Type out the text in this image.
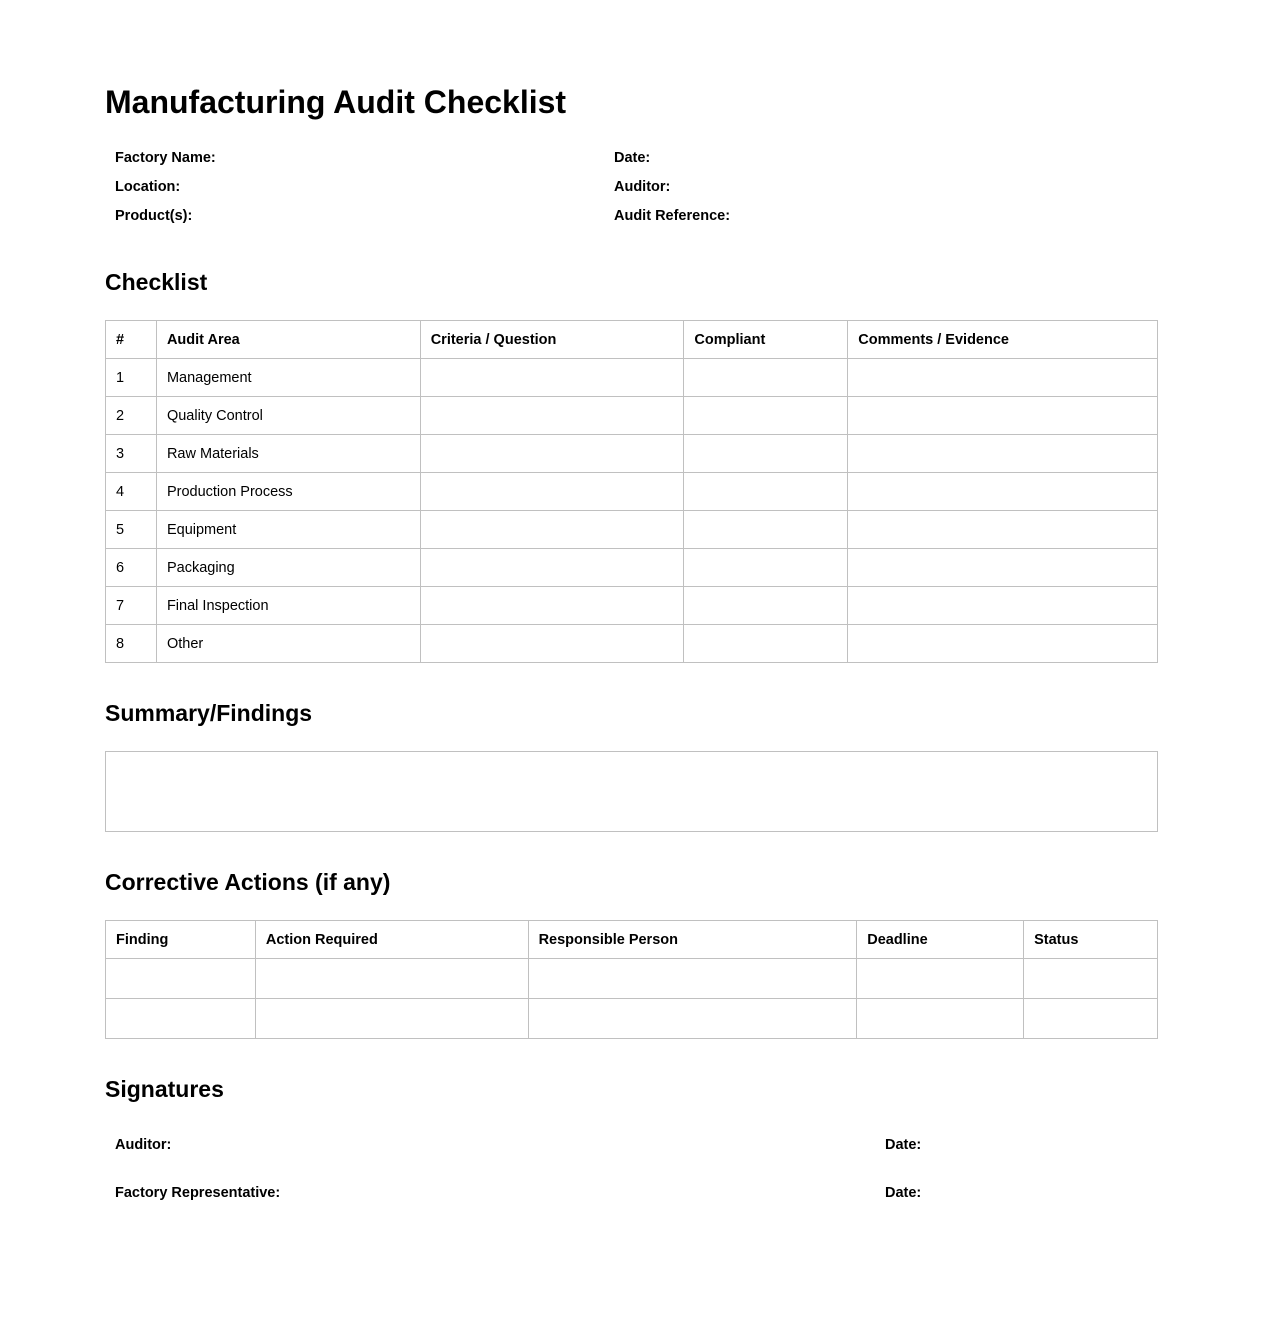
Manufacturing Audit Checklist
Factory Name:	Date:
Location:	Auditor:
Product(s):	Audit Reference:
Checklist
#	Audit Area	Criteria / Question	Compliant	Comments / Evidence
1	Management			
2	Quality Control			
3	Raw Materials			
4	Production Process			
5	Equipment			
6	Packaging			
7	Final Inspection			
8	Other			
Summary/Findings
Corrective Actions (if any)
Finding	Action Required	Responsible Person	Deadline	Status

Signatures
Auditor:	Date:
Factory Representative:	Date:
